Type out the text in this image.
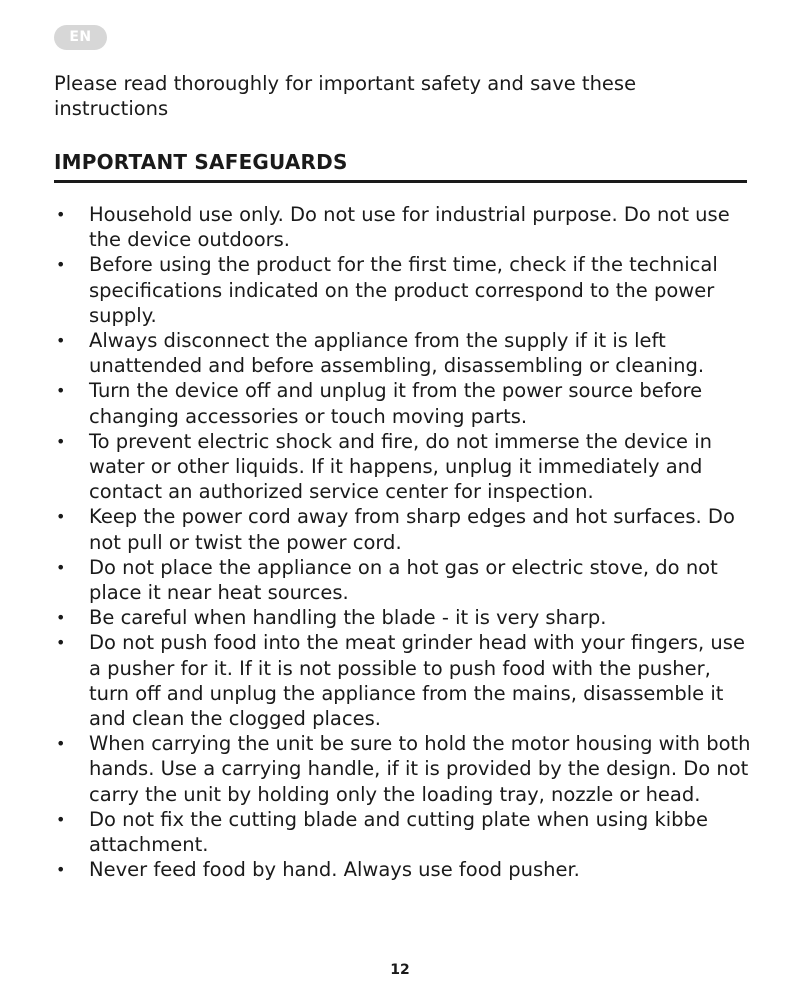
EN

Please read thoroughly for important safety and save these instructions

IMPORTANT SAFEGUARDS
• Household use only. Do not use for industrial purpose. Do not use the device outdoors.
• Before using the product for the first time, check if the technical specifications indicated on the product correspond to the power supply.
• Always disconnect the appliance from the supply if it is left unattended and before assembling, disassembling or cleaning.
• Turn the device off and unplug it from the power source before changing accessories or touch moving parts.
• To prevent electric shock and fire, do not immerse the device in water or other liquids. If it happens, unplug it immediately and contact an authorized service center for inspection.
• Keep the power cord away from sharp edges and hot surfaces. Do not pull or twist the power cord.
• Do not place the appliance on a hot gas or electric stove, do not place it near heat sources.
• Be careful when handling the blade - it is very sharp.
• Do not push food into the meat grinder head with your fingers, use a pusher for it. If it is not possible to push food with the pusher, turn off and unplug the appliance from the mains, disassemble it and clean the clogged places.
• When carrying the unit be sure to hold the motor housing with both hands. Use a carrying handle, if it is provided by the design. Do not carry the unit by holding only the loading tray, nozzle or head.
• Do not fix the cutting blade and cutting plate when using kibbe attachment.
• Never feed food by hand. Always use food pusher.
12
